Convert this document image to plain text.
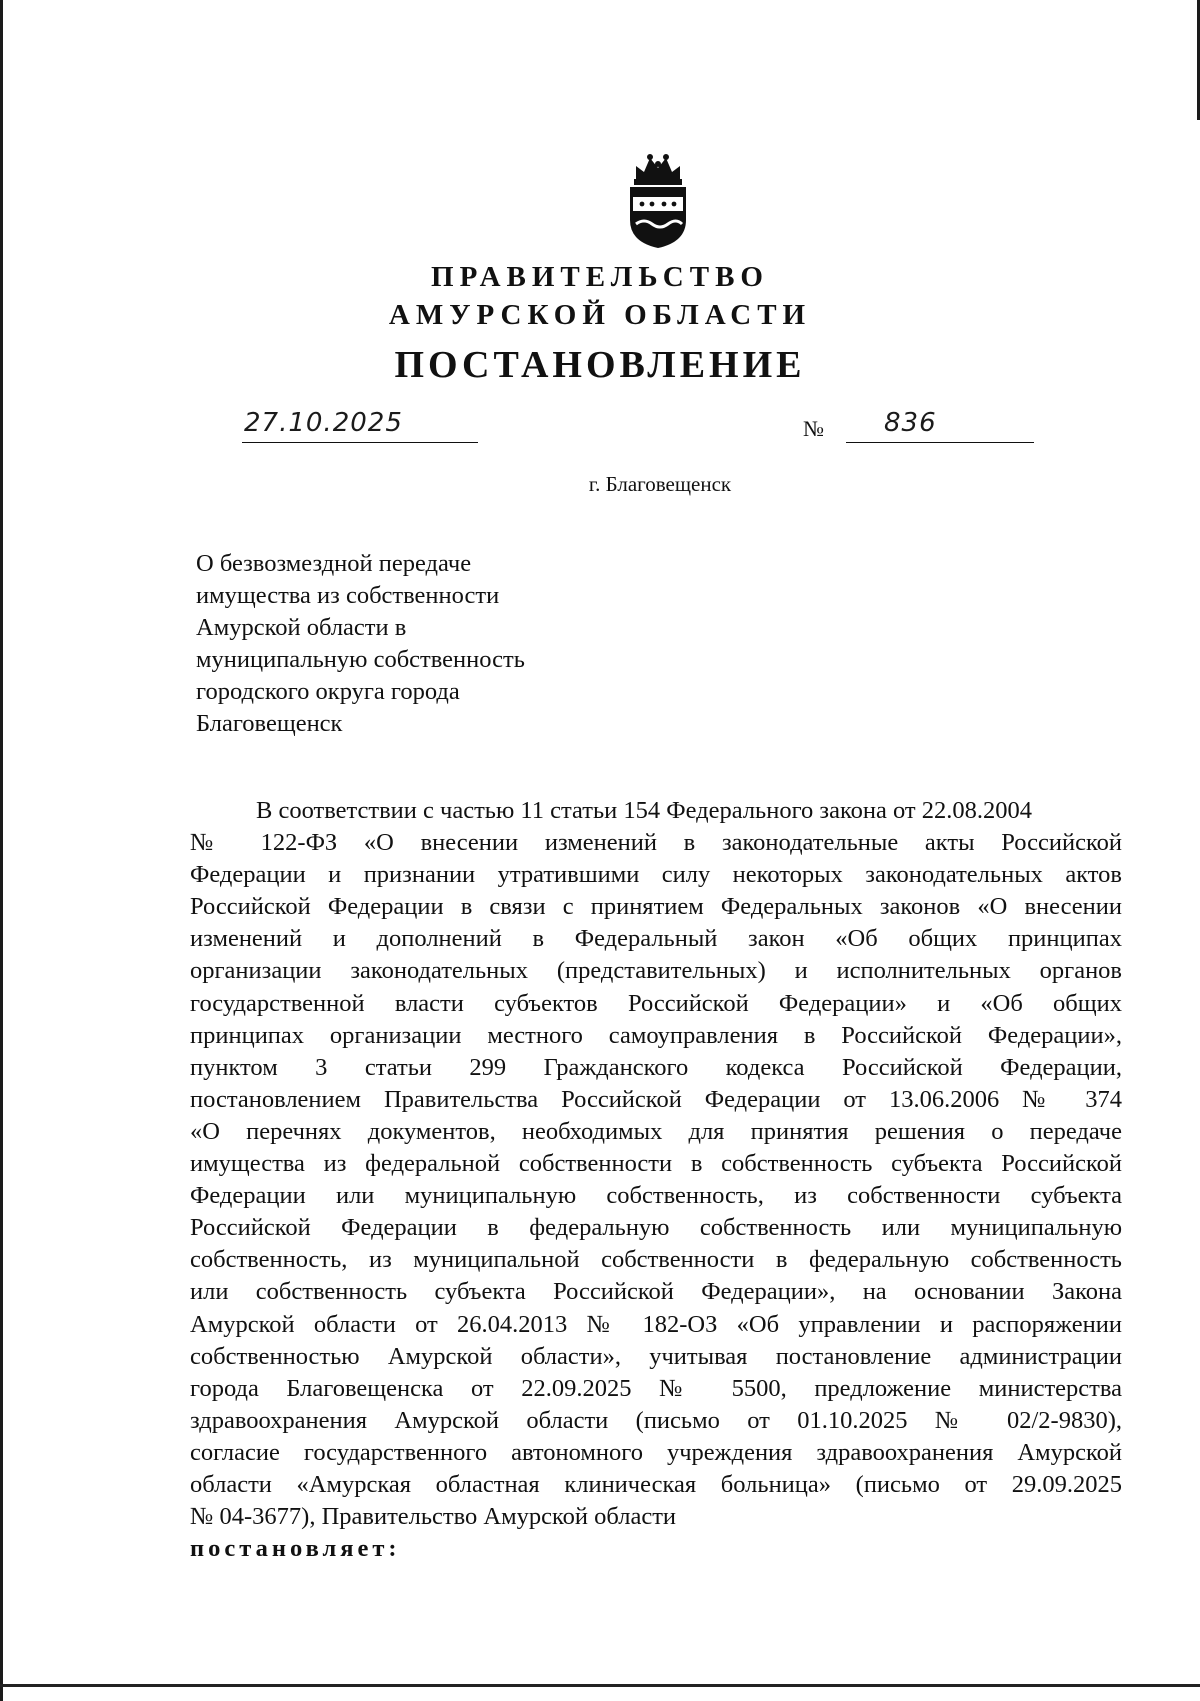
ПРАВИТЕЛЬСТВО

АМУРСКОЙ ОБЛАСТИ

ПОСТАНОВЛЕНИЕ
27.10.2025	№ 836
г. Благовещенск
О безвозмездной передаче
имущества из собственности
Амурской области в
муниципальную собственность
городского округа города
Благовещенск
В соответствии с частью 11 статьи 154 Федерального закона от 22.08.2004
№ 122-ФЗ «О внесении изменений в законодательные акты Российской
Федерации и признании утратившими силу некоторых законодательных актов
Российской Федерации в связи с принятием Федеральных законов «О внесении
изменений и дополнений в Федеральный закон «Об общих принципах
организации законодательных (представительных) и исполнительных органов
государственной власти субъектов Российской Федерации» и «Об общих
принципах организации местного самоуправления в Российской Федерации»,
пунктом 3 статьи 299 Гражданского кодекса Российской Федерации,
постановлением Правительства Российской Федерации от 13.06.2006 № 374
«О перечнях документов, необходимых для принятия решения о передаче
имущества из федеральной собственности в собственность субъекта Российской
Федерации или муниципальную собственность, из собственности субъекта
Российской Федерации в федеральную собственность или муниципальную
собственность, из муниципальной собственности в федеральную собственность
или собственность субъекта Российской Федерации», на основании Закона
Амурской области от 26.04.2013 № 182-ОЗ «Об управлении и распоряжении
собственностью Амурской области», учитывая постановление администрации
города Благовещенска от 22.09.2025 № 5500, предложение министерства
здравоохранения Амурской области (письмо от 01.10.2025 № 02/2-9830),
согласие государственного автономного учреждения здравоохранения Амурской
области «Амурская областная клиническая больница» (письмо от 29.09.2025
№ 04-3677), Правительство Амурской области
постановляет:
